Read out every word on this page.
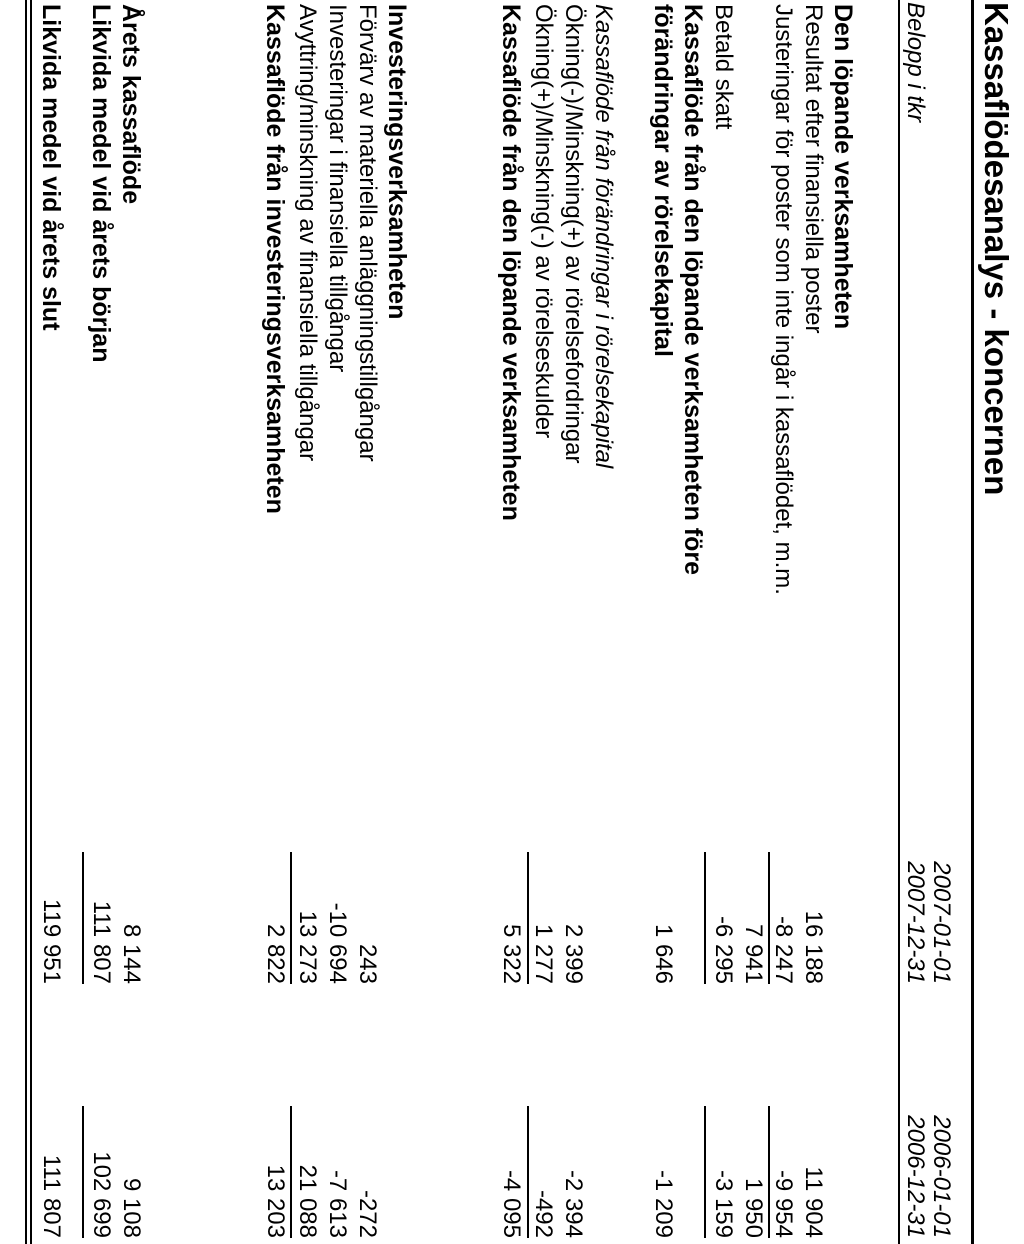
Kassaflödesanalys - koncernen
Belopp i tkr
2007-01-01
2007-12-31
2006-01-01
2006-12-31
Den löpande verksamheten
Resultat efter finansiella poster
16 188
11 904
Justeringar för poster som inte ingår i kassaflödet, m.m.
-8 247
-9 954
7 941
1 950
Betald skatt
-6 295
-3 159
Kassaflöde från den löpande verksamheten före
förändringar av rörelsekapital
1 646
-1 209
Kassaflöde från förändringar i rörelsekapital
Ökning(-)/Minskning(+) av rörelsefordringar
2 399
-2 394
Ökning(+)/Minskning(-) av rörelseskulder
1 277
-492
Kassaflöde från den löpande verksamheten
5 322
-4 095
Investeringsverksamheten
Förvärv av materiella anläggningstillgångar
243
-272
Investeringar i finansiella tillgångar
-10 694
-7 613
Avyttring/minskning av finansiella tillgångar
13 273
21 088
Kassaflöde från investeringsverksamheten
2 822
13 203
Årets kassaflöde
8 144
9 108
Likvida medel vid årets början
111 807
102 699
Likvida medel vid årets slut
119 951
111 807
